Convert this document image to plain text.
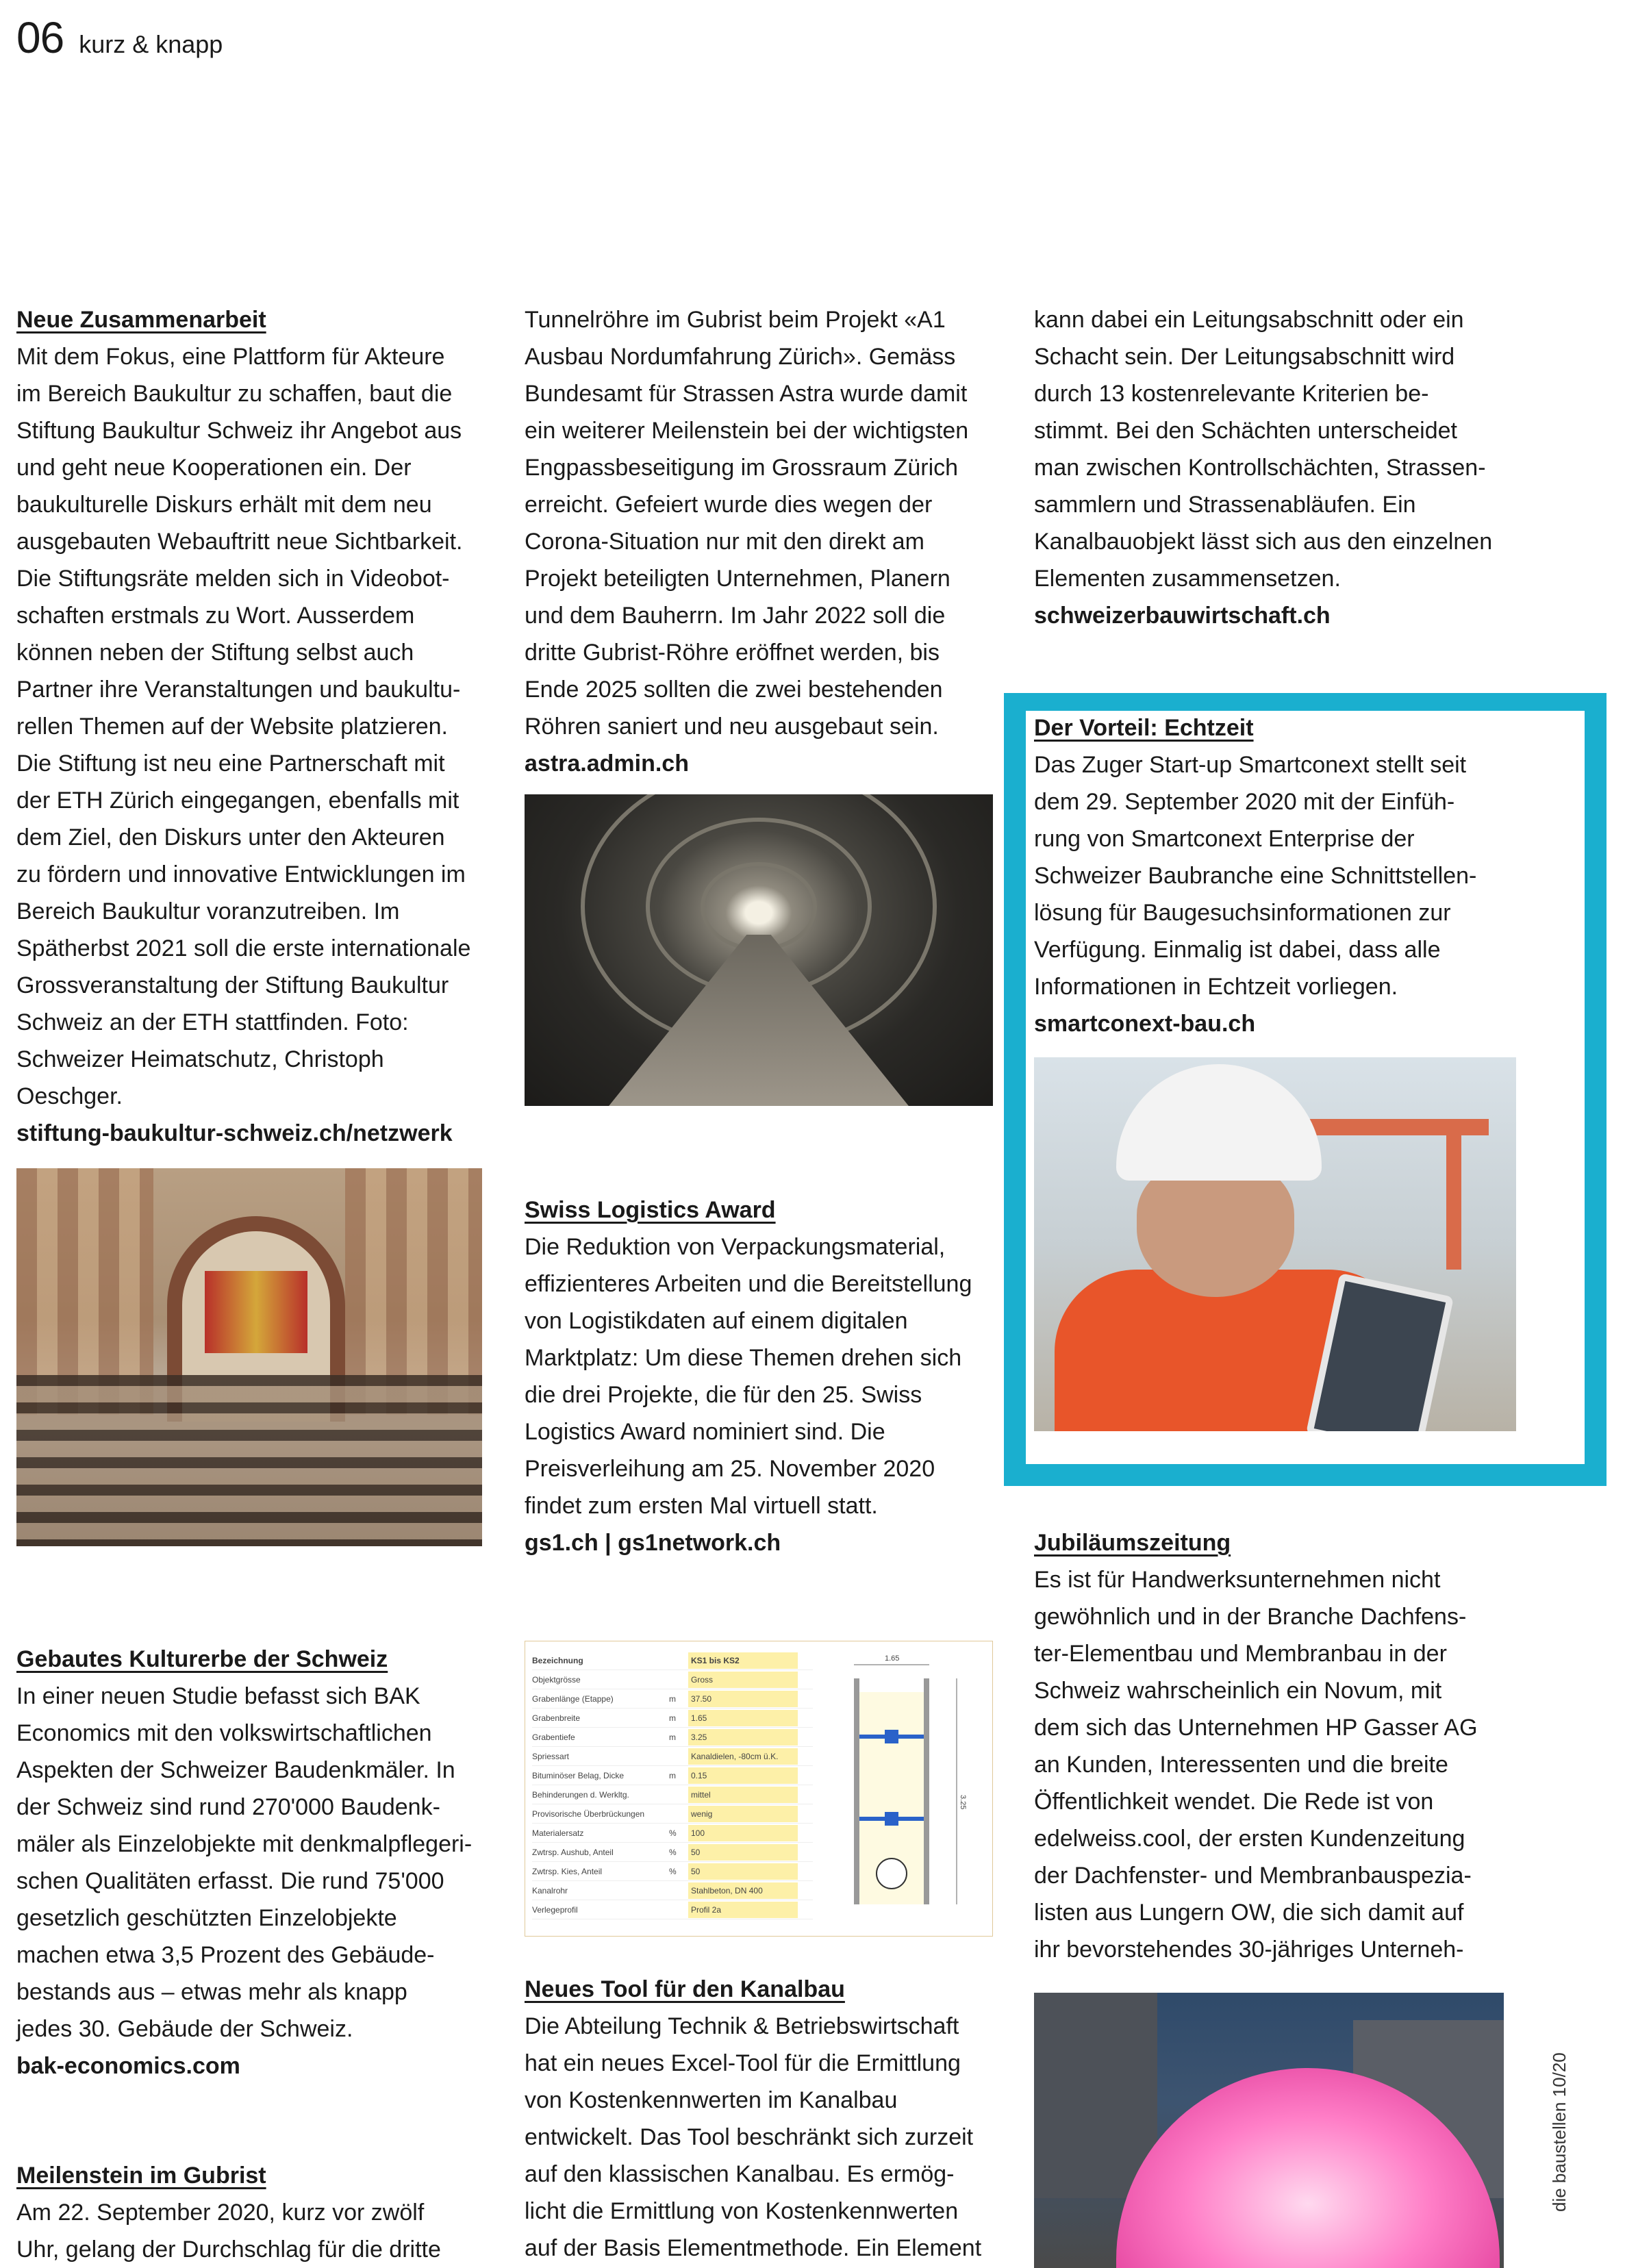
06 kurz & knapp
Neue Zusammenarbeit

Mit dem Fokus, eine Plattform für Akteure

im Bereich Baukultur zu schaffen, baut die

Stiftung Baukultur Schweiz ihr Angebot aus

und geht neue Kooperationen ein. Der

baukulturelle Diskurs erhält mit dem neu

ausgebauten Webauftritt neue Sichtbarkeit.

Die Stiftungsräte melden sich in Videobot-

schaften erstmals zu Wort. Ausserdem

können neben der Stiftung selbst auch

Partner ihre Veranstaltungen und baukultu-

rellen Themen auf der Website platzieren.

Die Stiftung ist neu eine Partnerschaft mit

der ETH Zürich eingegangen, ebenfalls mit

dem Ziel, den Diskurs unter den Akteuren

zu fördern und innovative Entwicklungen im

Bereich Baukultur voranzutreiben. Im

Spätherbst 2021 soll die erste internationale

Grossveranstaltung der Stiftung Baukultur

Schweiz an der ETH stattfinden. Foto:

Schweizer Heimatschutz, Christoph

Oeschger.

stiftung-baukultur-schweiz.ch/netzwerk
Gebautes Kulturerbe der Schweiz

In einer neuen Studie befasst sich BAK

Economics mit den volkswirtschaftlichen

Aspekten der Schweizer Baudenkmäler. In

der Schweiz sind rund 270'000 Baudenk-

mäler als Einzelobjekte mit denkmalpflegeri-

schen Qualitäten erfasst. Die rund 75'000

gesetzlich geschützten Einzelobjekte

machen etwa 3,5 Prozent des Gebäude-

bestands aus – etwas mehr als knapp

jedes 30. Gebäude der Schweiz.

bak-economics.com
Meilenstein im Gubrist

Am 22. September 2020, kurz vor zwölf

Uhr, gelang der Durchschlag für die dritte

Tunnelröhre im Gubrist beim Projekt «A1

Ausbau Nordumfahrung Zürich». Gemäss

Bundesamt für Strassen Astra wurde damit

ein weiterer Meilenstein bei der wichtigsten

Engpassbeseitigung im Grossraum Zürich

erreicht. Gefeiert wurde dies wegen der

Corona-Situation nur mit den direkt am

Projekt beteiligten Unternehmen, Planern

und dem Bauherrn. Im Jahr 2022 soll die

dritte Gubrist-Röhre eröffnet werden, bis

Ende 2025 sollten die zwei bestehenden

Röhren saniert und neu ausgebaut sein.

astra.admin.ch
Swiss Logistics Award

Die Reduktion von Verpackungsmaterial,

effizienteres Arbeiten und die Bereitstellung

von Logistikdaten auf einem digitalen

Marktplatz: Um diese Themen drehen sich

die drei Projekte, die für den 25. Swiss

Logistics Award nominiert sind. Die

Preisverleihung am 25. November 2020

findet zum ersten Mal virtuell statt.

gs1.ch | gs1network.ch
Bezeichnung	KS1 bis KS2
Objektgrösse	Gross
Grabenlänge (Etappe)	m	37.50
Grabenbreite	m	1.65
Grabentiefe	m	3.25
Spriessart	Kanaldielen, -80cm ü.K.
Bituminöser Belag, Dicke	m	0.15
Behinderungen d. Werkltg.	mittel
Provisorische Überbrückungen	wenig
Materialersatz	%	100
Zwtrsp. Aushub, Anteil	%	50
Zwtrsp. Kies, Anteil	%	50
Kanalrohr	Stahlbeton, DN 400
Verlegeprofil	Profil 2a
1.65
3.25
Neues Tool für den Kanalbau

Die Abteilung Technik & Betriebswirtschaft

hat ein neues Excel-Tool für die Ermittlung

von Kostenkennwerten im Kanalbau

entwickelt. Das Tool beschränkt sich zurzeit

auf den klassischen Kanalbau. Es ermög-

licht die Ermittlung von Kostenkennwerten

auf der Basis Elementmethode. Ein Element

kann dabei ein Leitungsabschnitt oder ein

Schacht sein. Der Leitungsabschnitt wird

durch 13 kostenrelevante Kriterien be-

stimmt. Bei den Schächten unterscheidet

man zwischen Kontrollschächten, Strassen-

sammlern und Strassenabläufen. Ein

Kanalbauobjekt lässt sich aus den einzelnen

Elementen zusammensetzen.

schweizerbauwirtschaft.ch
Der Vorteil: Echtzeit

Das Zuger Start-up Smartconext stellt seit

dem 29. September 2020 mit der Einfüh-

rung von Smartconext Enterprise der

Schweizer Baubranche eine Schnittstellen-

lösung für Baugesuchsinformationen zur

Verfügung. Einmalig ist dabei, dass alle

Informationen in Echtzeit vorliegen.

smartconext-bau.ch
Jubiläumszeitung

Es ist für Handwerksunternehmen nicht

gewöhnlich und in der Branche Dachfens-

ter-Elementbau und Membranbau in der

Schweiz wahrscheinlich ein Novum, mit

dem sich das Unternehmen HP Gasser AG

an Kunden, Interessenten und die breite

Öffentlichkeit wendet. Die Rede ist von

edelweiss.cool, der ersten Kundenzeitung

der Dachfenster- und Membranbauspezia-

listen aus Lungern OW, die sich damit auf

ihr bevorstehendes 30-jähriges Unterneh-

die baustellen 10/20
